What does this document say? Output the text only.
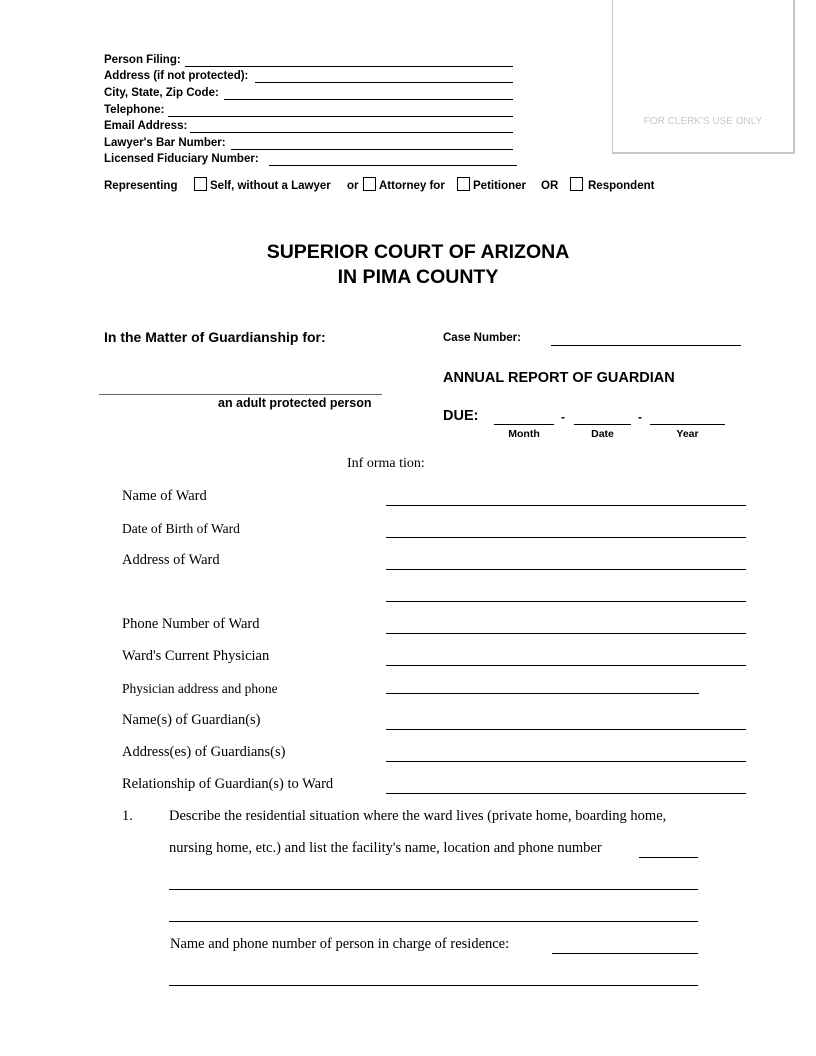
FOR CLERK'S USE ONLY
Person Filing:
Address (if not protected):
City, State, Zip Code:
Telephone:
Email Address:
Lawyer's Bar Number:
Licensed Fiduciary Number:
Representing	Self, without a Lawyer or Attorney for Petitioner OR	Respondent
SUPERIOR COURT OF ARIZONA
IN PIMA COUNTY
In the Matter of Guardianship for:	Case Number:
an adult protected person
ANNUAL REPORT OF GUARDIAN
DUE:	-	-
Month	Date	Year
Inf orma tion:
Name of Ward
Date of Birth of Ward
Address of Ward
Phone Number of Ward
Ward's Current Physician
Physician address and phone
Name(s) of Guardian(s)
Address(es) of Guardians(s)
Relationship of Guardian(s) to Ward
1. Describe the residential situation where the ward lives (private home, boarding home,
nursing home, etc.) and list the facility's name, location and phone number
Name and phone number of person in charge of residence:
